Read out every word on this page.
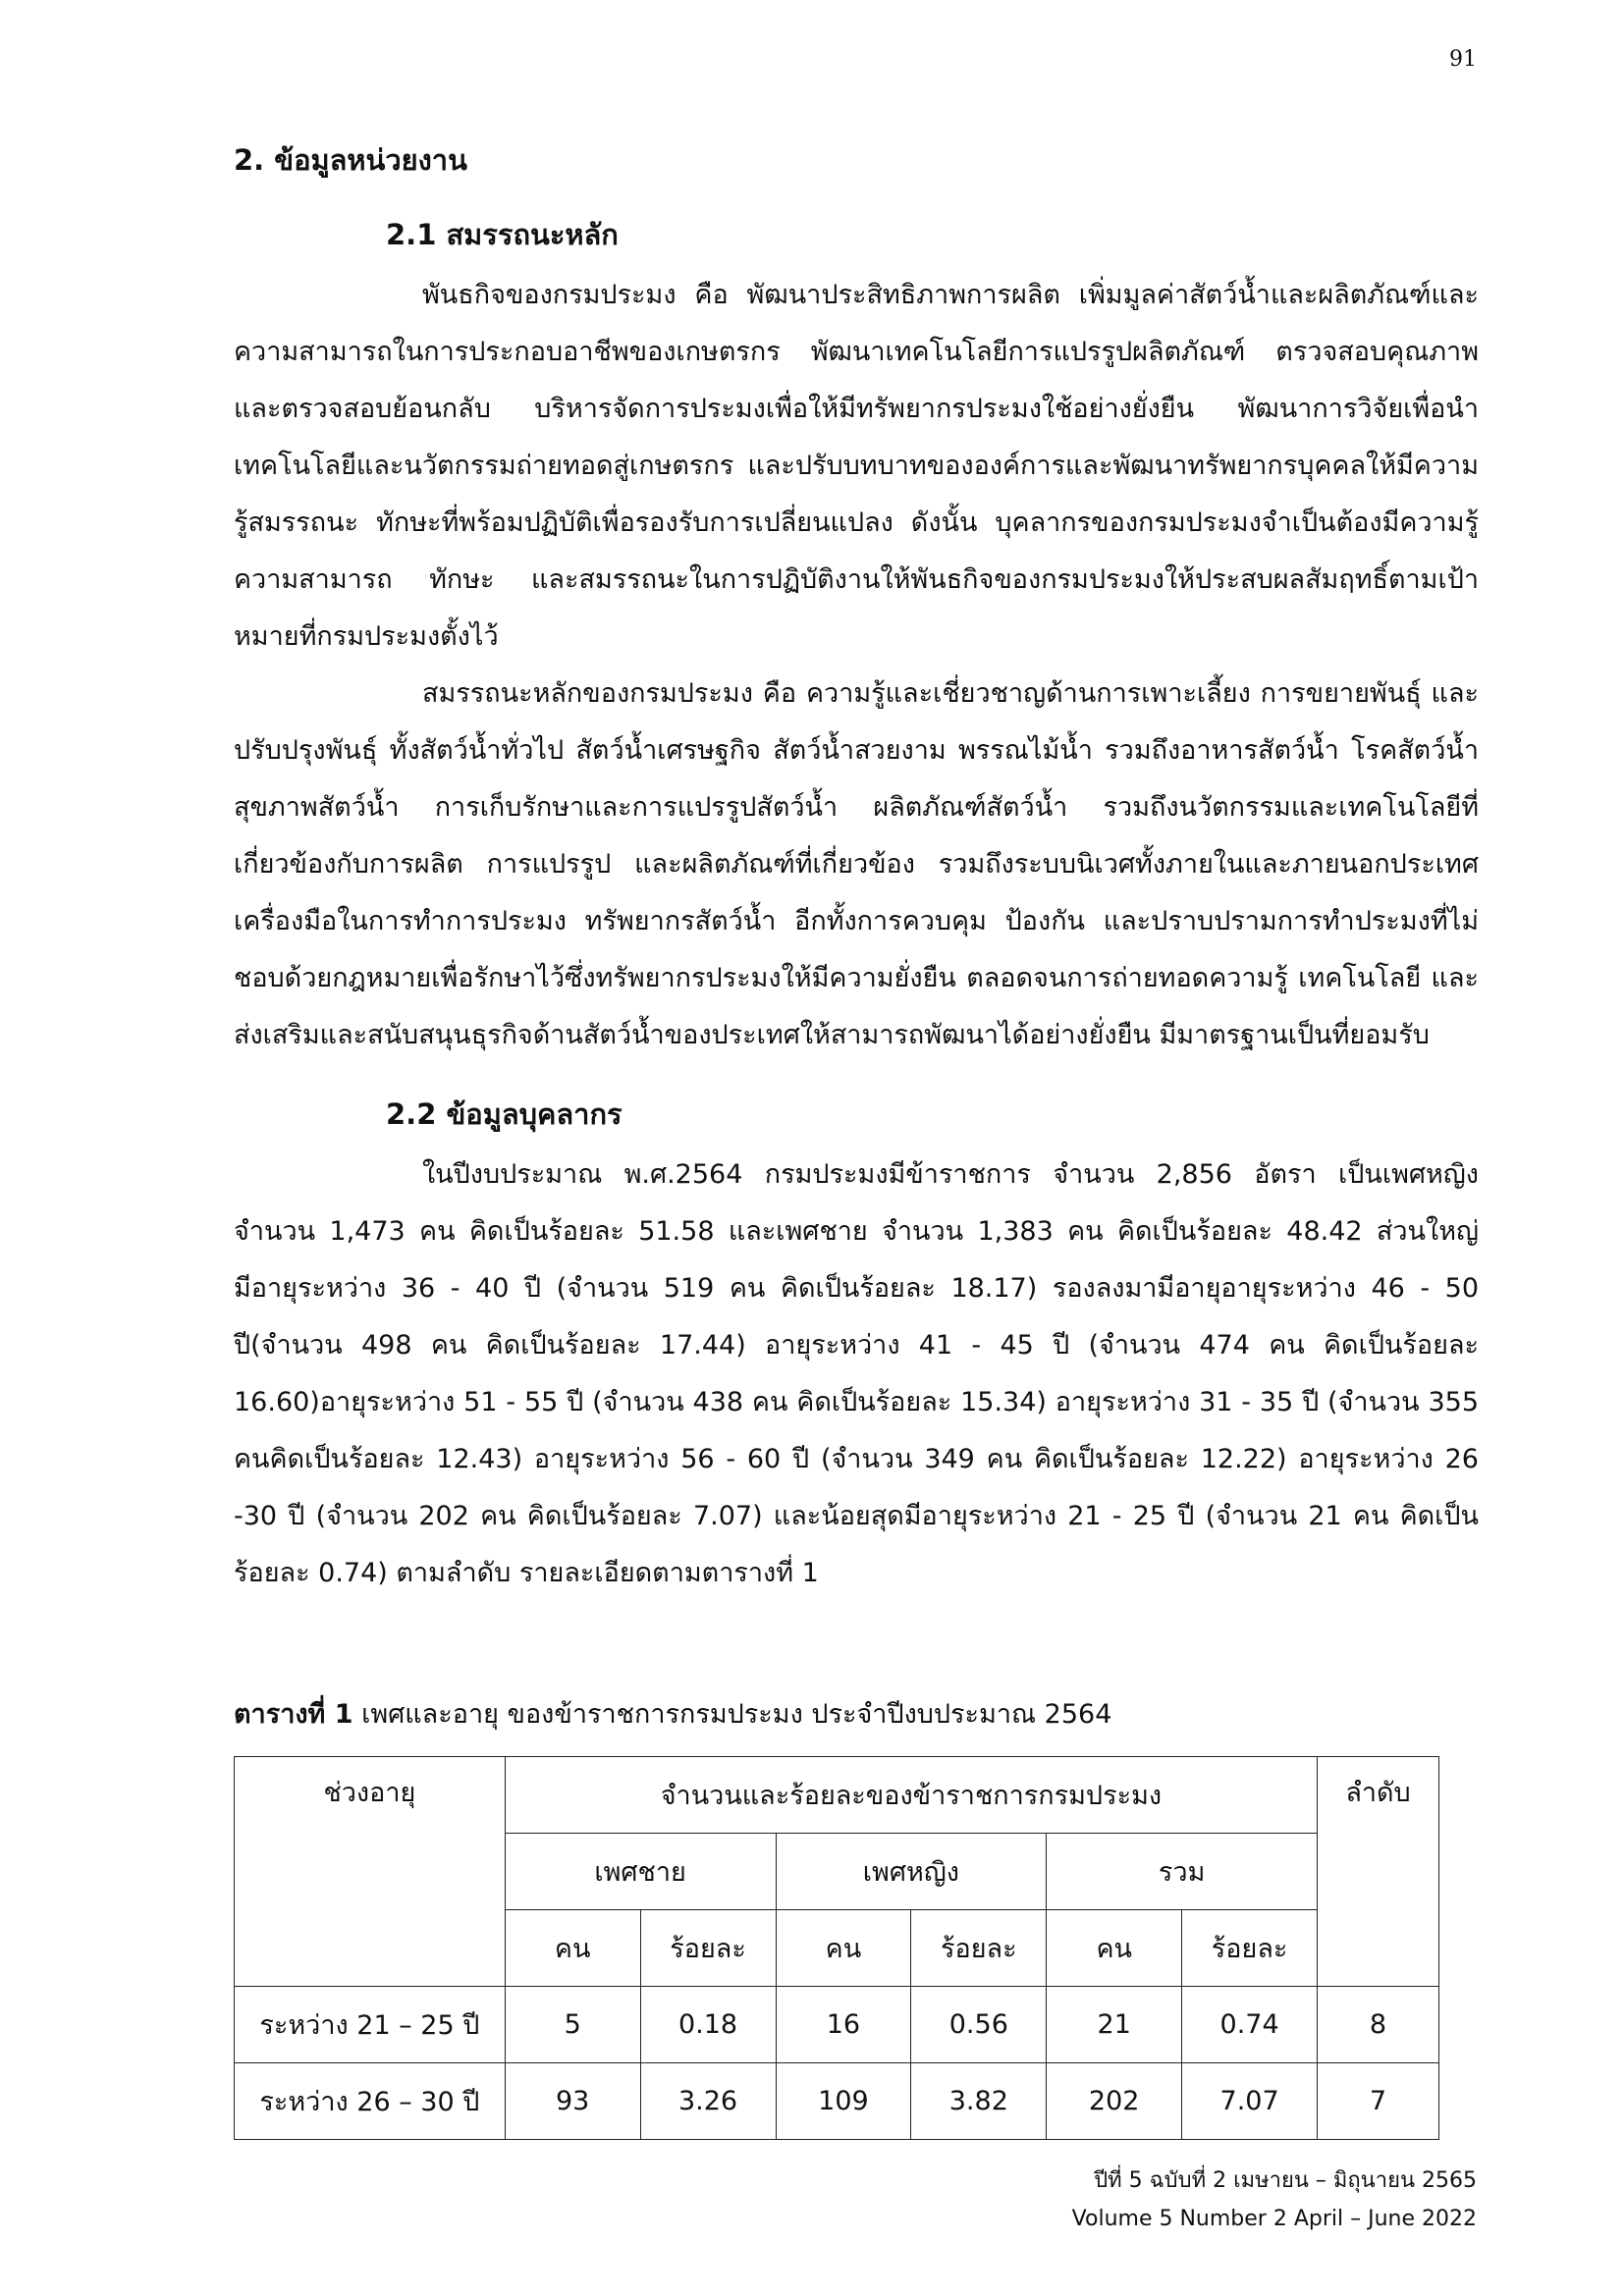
91
2. ข้อมูลหน่วยงาน
2.1 สมรรถนะหลัก

พันธกิจของกรมประมง คือ พัฒนาประสิทธิภาพการผลิต เพิ่มมูลค่าสัตว์น้ำและผลิตภัณฑ์และความสามารถในการประกอบอาชีพของเกษตรกร พัฒนาเทคโนโลยีการแปรรูปผลิตภัณฑ์ ตรวจสอบคุณภาพและตรวจสอบย้อนกลับ บริหารจัดการประมงเพื่อให้มีทรัพยากรประมงใช้อย่างยั่งยืน พัฒนาการวิจัยเพื่อนำเทคโนโลยีและนวัตกรรมถ่ายทอดสู่เกษตรกร และปรับบทบาทขององค์การและพัฒนาทรัพยากรบุคคลให้มีความรู้สมรรถนะ ทักษะที่พร้อมปฏิบัติเพื่อรองรับการเปลี่ยนแปลง ดังนั้น บุคลากรของกรมประมงจำเป็นต้องมีความรู้ความสามารถ ทักษะ และสมรรถนะในการปฏิบัติงานให้พันธกิจของกรมประมงให้ประสบผลสัมฤทธิ์ตามเป้าหมายที่กรมประมงตั้งไว้

สมรรถนะหลักของกรมประมง คือ ความรู้และเชี่ยวชาญด้านการเพาะเลี้ยง การขยายพันธุ์ และปรับปรุงพันธุ์ ทั้งสัตว์น้ำทั่วไป สัตว์น้ำเศรษฐกิจ สัตว์น้ำสวยงาม พรรณไม้น้ำ รวมถึงอาหารสัตว์น้ำ โรคสัตว์น้ำสุขภาพสัตว์น้ำ การเก็บรักษาและการแปรรูปสัตว์น้ำ ผลิตภัณฑ์สัตว์น้ำ รวมถึงนวัตกรรมและเทคโนโลยีที่เกี่ยวข้องกับการผลิต การแปรรูป และผลิตภัณฑ์ที่เกี่ยวข้อง รวมถึงระบบนิเวศทั้งภายในและภายนอกประเทศ เครื่องมือในการทำการประมง ทรัพยากรสัตว์น้ำ อีกทั้งการควบคุม ป้องกัน และปราบปรามการทำประมงที่ไม่ชอบด้วยกฎหมายเพื่อรักษาไว้ซึ่งทรัพยากรประมงให้มีความยั่งยืน ตลอดจนการถ่ายทอดความรู้ เทคโนโลยี และส่งเสริมและสนับสนุนธุรกิจด้านสัตว์น้ำของประเทศให้สามารถพัฒนาได้อย่างยั่งยืน มีมาตรฐานเป็นที่ยอมรับ

2.2 ข้อมูลบุคลากร

ในปีงบประมาณ พ.ศ.2564 กรมประมงมีข้าราชการ จำนวน 2,856 อัตรา เป็นเพศหญิงจำนวน 1,473 คน คิดเป็นร้อยละ 51.58 และเพศชาย จำนวน 1,383 คน คิดเป็นร้อยละ 48.42 ส่วนใหญ่มีอายุระหว่าง 36 - 40 ปี (จำนวน 519 คน คิดเป็นร้อยละ 18.17) รองลงมามีอายุอายุระหว่าง 46 - 50 ปี(จำนวน 498 คน คิดเป็นร้อยละ 17.44) อายุระหว่าง 41 - 45 ปี (จำนวน 474 คน คิดเป็นร้อยละ 16.60)อายุระหว่าง 51 - 55 ปี (จำนวน 438 คน คิดเป็นร้อยละ 15.34) อายุระหว่าง 31 - 35 ปี (จำนวน 355 คนคิดเป็นร้อยละ 12.43) อายุระหว่าง 56 - 60 ปี (จำนวน 349 คน คิดเป็นร้อยละ 12.22) อายุระหว่าง 26 -30 ปี (จำนวน 202 คน คิดเป็นร้อยละ 7.07) และน้อยสุดมีอายุระหว่าง 21 - 25 ปี (จำนวน 21 คน คิดเป็นร้อยละ 0.74) ตามลำดับ รายละเอียดตามตารางที่ 1

ตารางที่ 1 เพศและอายุ ของข้าราชการกรมประมง ประจำปีงบประมาณ 2564
ช่วงอายุ	จำนวนและร้อยละของข้าราชการกรมประมง						ลำดับ
	เพศชาย		เพศหญิง		รวม		
	คน	ร้อยละ	คน	ร้อยละ	คน	ร้อยละ	
ระหว่าง 21 – 25 ปี	5	0.18	16	0.56	21	0.74	8
ระหว่าง 26 – 30 ปี	93	3.26	109	3.82	202	7.07	7
ปีที่ 5 ฉบับที่ 2 เมษายน – มิถุนายน 2565
Volume 5 Number 2 April – June 2022
